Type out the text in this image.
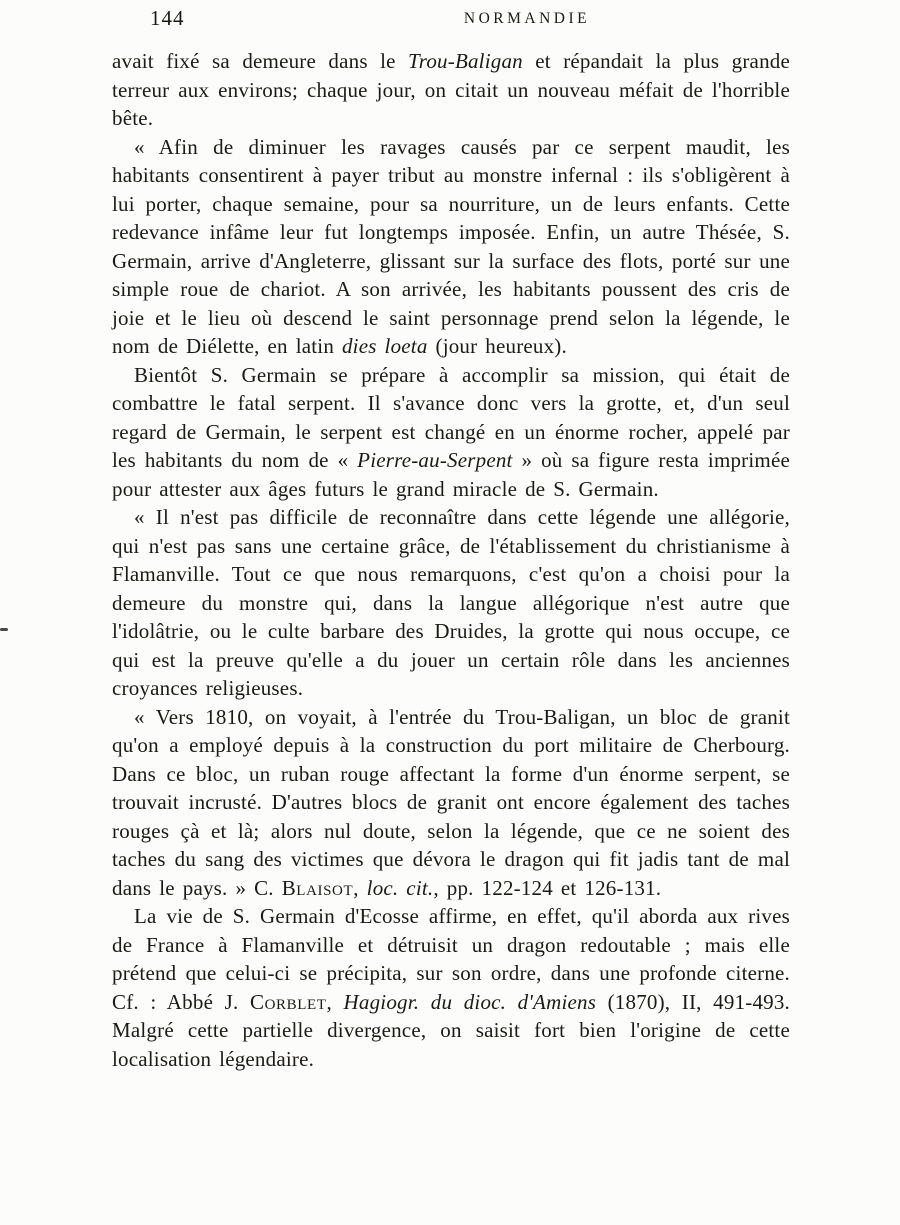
144	NORMANDIE

avait fixé sa demeure dans le Trou-Baligan et répandait la plus grande terreur aux environs; chaque jour, on citait un nouveau méfait de l'horrible bête.

« Afin de diminuer les ravages causés par ce serpent maudit, les habitants consentirent à payer tribut au monstre infernal : ils s'obligèrent à lui porter, chaque semaine, pour sa nourriture, un de leurs enfants. Cette redevance infâme leur fut longtemps imposée. Enfin, un autre Thésée, S. Germain, arrive d'Angleterre, glissant sur la surface des flots, porté sur une simple roue de chariot. A son arrivée, les habitants poussent des cris de joie et le lieu où descend le saint personnage prend selon la légende, le nom de Diélette, en latin dies loeta (jour heureux).

Bientôt S. Germain se prépare à accomplir sa mission, qui était de combattre le fatal serpent. Il s'avance donc vers la grotte, et, d'un seul regard de Germain, le serpent est changé en un énorme rocher, appelé par les habitants du nom de « Pierre-au-Serpent » où sa figure resta imprimée pour attester aux âges futurs le grand miracle de S. Germain.

« Il n'est pas difficile de reconnaître dans cette légende une allégorie, qui n'est pas sans une certaine grâce, de l'établissement du christianisme à Flamanville. Tout ce que nous remarquons, c'est qu'on a choisi pour la demeure du monstre qui, dans la langue allégorique n'est autre que l'idolâtrie, ou le culte barbare des Druides, la grotte qui nous occupe, ce qui est la preuve qu'elle a du jouer un certain rôle dans les anciennes croyances religieuses.

« Vers 1810, on voyait, à l'entrée du Trou-Baligan, un bloc de granit qu'on a employé depuis à la construction du port militaire de Cherbourg. Dans ce bloc, un ruban rouge affectant la forme d'un énorme serpent, se trouvait incrusté. D'autres blocs de granit ont encore également des taches rouges çà et là; alors nul doute, selon la légende, que ce ne soient des taches du sang des victimes que dévora le dragon qui fit jadis tant de mal dans le pays. » C. Blaisot, loc. cit., pp. 122-124 et 126-131.

La vie de S. Germain d'Ecosse affirme, en effet, qu'il aborda aux rives de France à Flamanville et détruisit un dragon redoutable ; mais elle prétend que celui-ci se précipita, sur son ordre, dans une profonde citerne. Cf. : Abbé J. Corblet, Hagiogr. du dioc. d'Amiens (1870), II, 491-493. Malgré cette partielle divergence, on saisit fort bien l'origine de cette localisation légendaire.
